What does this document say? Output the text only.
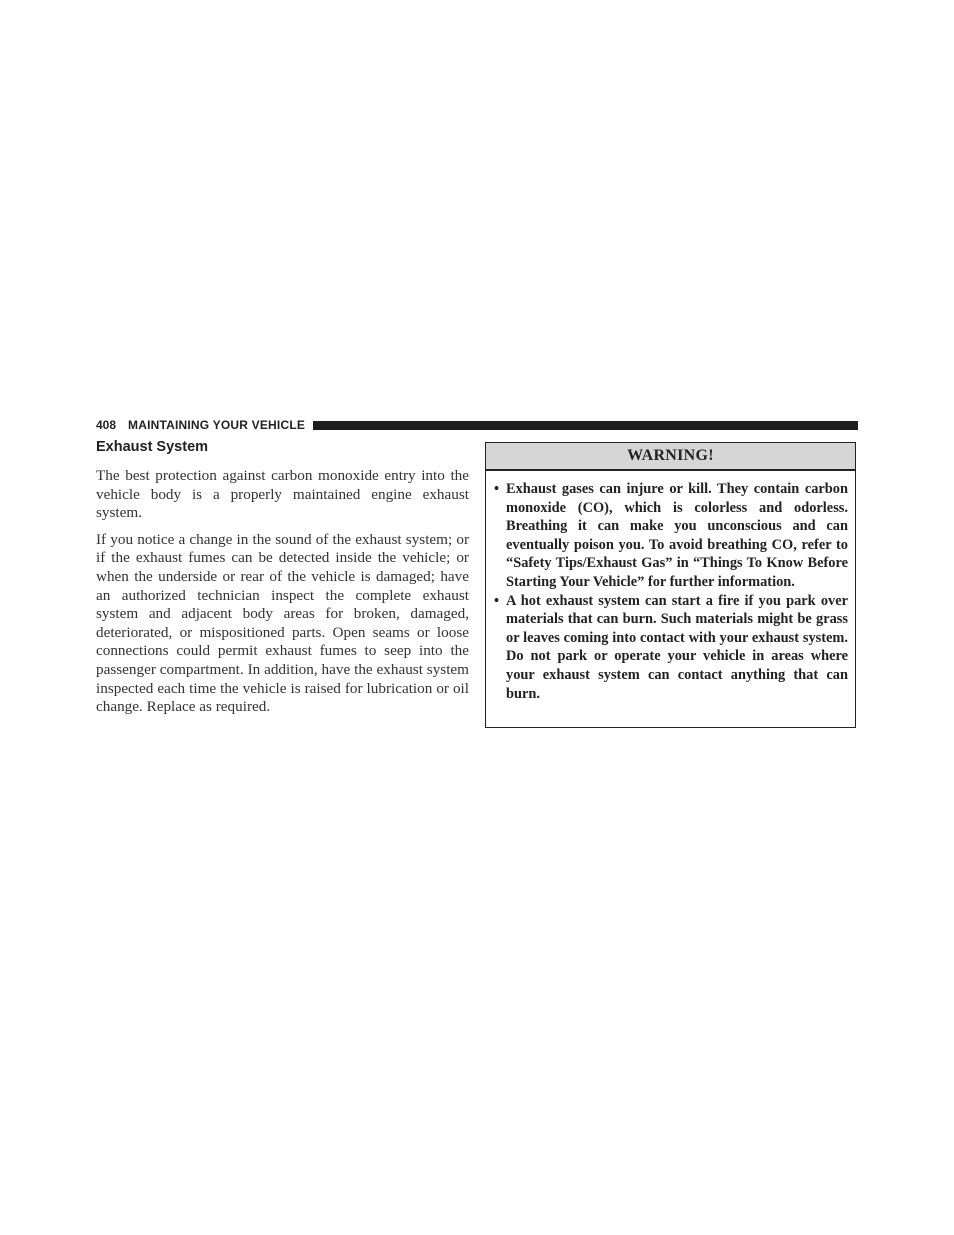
408 MAINTAINING YOUR VEHICLE
Exhaust System

The best protection against carbon monoxide entry into the vehicle body is a properly maintained engine exhaust system.

If you notice a change in the sound of the exhaust system; or if the exhaust fumes can be detected inside the vehicle; or when the underside or rear of the vehicle is damaged; have an authorized technician inspect the complete exhaust system and adjacent body areas for broken, damaged, deteriorated, or mispositioned parts. Open seams or loose connections could permit exhaust fumes to seep into the passenger compartment. In addition, have the exhaust system inspected each time the vehicle is raised for lubrication or oil change. Replace as required.

WARNING!
• Exhaust gases can injure or kill. They contain carbon monoxide (CO), which is colorless and odorless. Breathing it can make you unconscious and can eventually poison you. To avoid breathing CO, refer to “Safety Tips/Exhaust Gas” in “Things To Know Before Starting Your Vehicle” for further information.
• A hot exhaust system can start a fire if you park over materials that can burn. Such materials might be grass or leaves coming into contact with your exhaust system. Do not park or operate your vehicle in areas where your exhaust system can contact anything that can burn.
